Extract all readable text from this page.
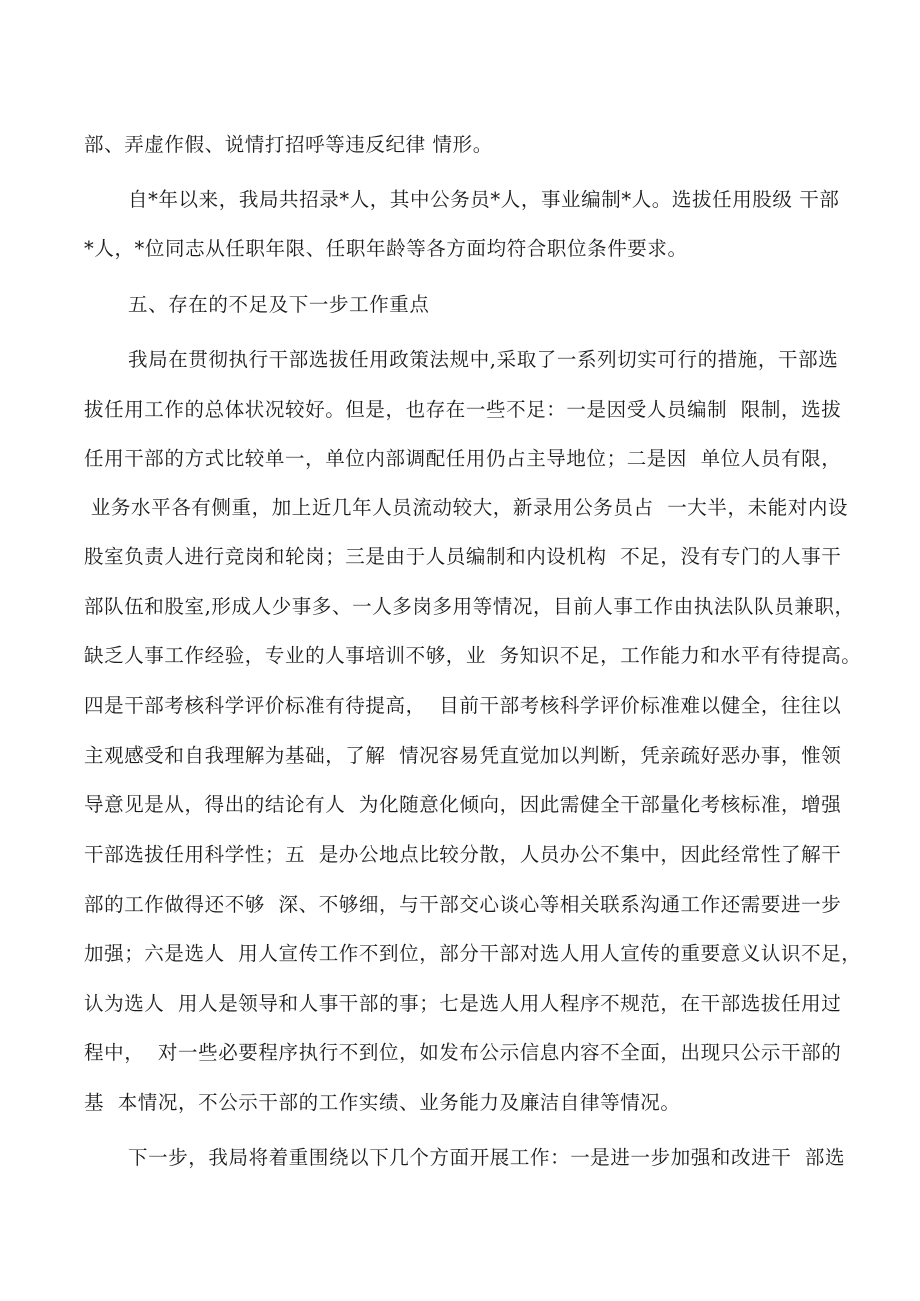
部、弄虚作假、说情打招呼等违反纪律 情形。
自*年以来，我局共招录*人，其中公务员*人，事业编制*人。选拔任用股级 干部
*人，*位同志从任职年限、任职年龄等各方面均符合职位条件要求。
五、存在的不足及下一步工作重点
我局在贯彻执行干部选拔任用政策法规中,采取了一系列切实可行的措施，干部选
拔任用工作的总体状况较好。但是，也存在一些不足：一是因受人员编制  限制，选拔
任用干部的方式比较单一，单位内部调配任用仍占主导地位；二是因  单位人员有限，
业务水平各有侧重，加上近几年人员流动较大，新录用公务员占  一大半，未能对内设
股室负责人进行竞岗和轮岗；三是由于人员编制和内设机构  不足，没有专门的人事干
部队伍和股室,形成人少事多、一人多岗多用等情况，目前人事工作由执法队队员兼职，
缺乏人事工作经验，专业的人事培训不够，业  务知识不足，工作能力和水平有待提高。
四是干部考核科学评价标准有待提高，  目前干部考核科学评价标准难以健全，往往以
主观感受和自我理解为基础，了解  情况容易凭直觉加以判断，凭亲疏好恶办事，惟领
导意见是从，得出的结论有人  为化随意化倾向，因此需健全干部量化考核标准，增强
干部选拔任用科学性；五  是办公地点比较分散，人员办公不集中，因此经常性了解干
部的工作做得还不够  深、不够细，与干部交心谈心等相关联系沟通工作还需要进一步
加强；六是选人  用人宣传工作不到位，部分干部对选人用人宣传的重要意义认识不足，
认为选人  用人是领导和人事干部的事；七是选人用人程序不规范，在干部选拔任用过
程中，  对一些必要程序执行不到位，如发布公示信息内容不全面，出现只公示干部的
基  本情况，不公示干部的工作实绩、业务能力及廉洁自律等情况。
下一步，我局将着重围绕以下几个方面开展工作：一是进一步加强和改进干  部选
